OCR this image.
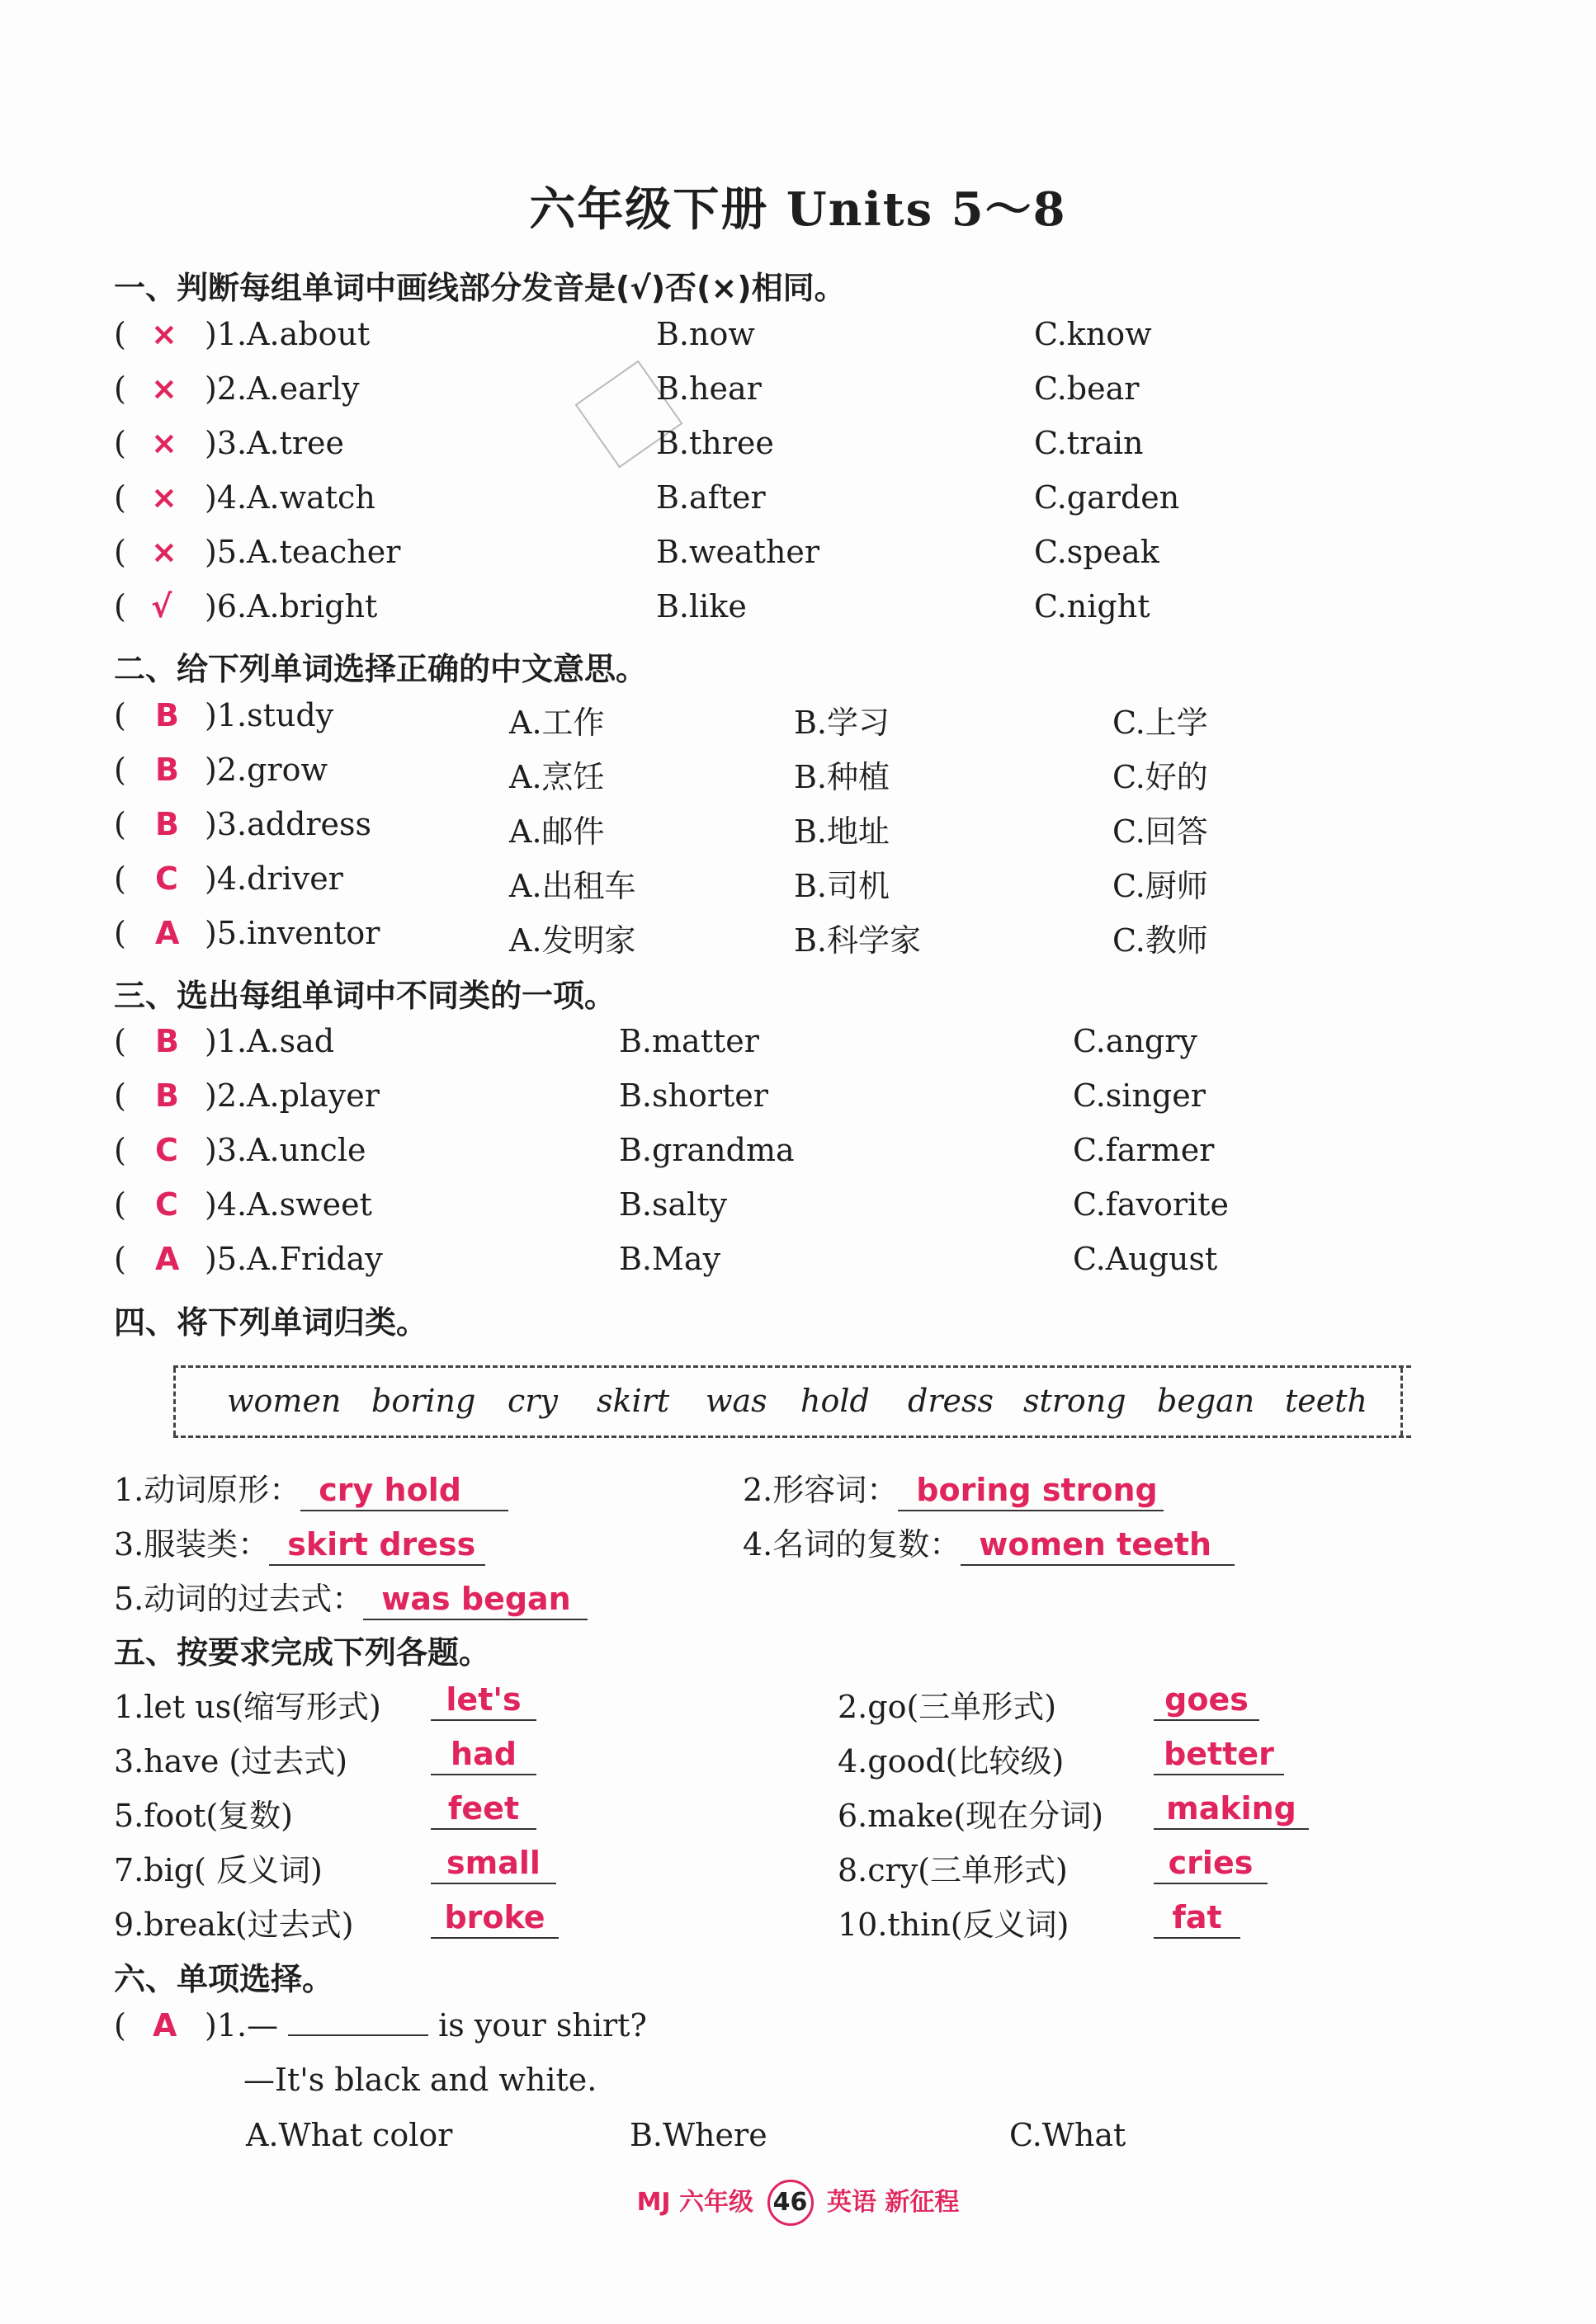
六年级下册 Units 5～8
一、判断每组单词中画线部分发音是(√)否(×)相同。
( × )1.A.about	B.now	C.know
( × )2.A.early	B.hear	C.bear
( × )3.A.tree	B.three	C.train
( × )4.A.watch	B.after	C.garden
( × )5.A.teacher	B.weather	C.speak
( √ )6.A.bright	B.like	C.night
二、给下列单词选择正确的中文意思。
( B )1.study	A.工作	B.学习	C.上学
( B )2.grow	A.烹饪	B.种植	C.好的
( B )3.address	A.邮件	B.地址	C.回答
( C )4.driver	A.出租车	B.司机	C.厨师
( A )5.inventor	A.发明家	B.科学家	C.教师
三、选出每组单词中不同类的一项。
( B )1.A.sad	B.matter	C.angry
( B )2.A.player	B.shorter	C.singer
( C )3.A.uncle	B.grandma	C.farmer
( C )4.A.sweet	B.salty	C.favorite
( A )5.A.Friday	B.May	C.August
四、将下列单词归类。
women boring cry skirt was hold dress strong began teeth
1.动词原形： cry hold	2.形容词： boring strong
3.服装类： skirt dress	4.名词的复数： women teeth
5.动词的过去式： was began
五、按要求完成下列各题。
1.let us(缩写形式)	let's	2.go(三单形式)	goes
3.have (过去式)	had	4.good(比较级)	better
5.foot(复数)	feet	6.make(现在分词)	making
7.big( 反义词)	small	8.cry(三单形式)	cries
9.break(过去式)	broke	10.thin(反义词)	fat
六、单项选择。
( A )1.—	is your shirt?
—It's black and white.
A.What color	B.Where	C.What
MJ 六年级 46 英语 新征程
